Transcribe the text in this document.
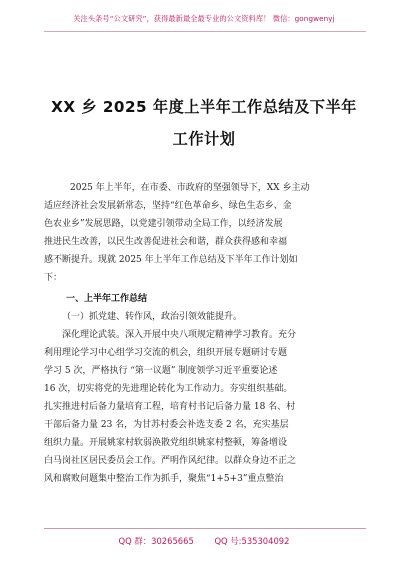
关注头条号“公文研究”，获得最新最全最专业的公文资料库！ 微信：gongwenyj
XX 乡 2025 年度上半年工作总结及下半年
工作计划
2025 年上半年，在市委、市政府的坚强领导下，XX 乡主动
适应经济社会发展新常态，坚持“红色革命乡、绿色生态乡、金
色农业乡”发展思路，以党建引领带动全局工作，以经济发展
推进民生改善，以民生改善促进社会和谐，群众获得感和幸福
感不断提升。现就 2025 年上半年工作总结及下半年工作计划如
下：
一、上半年工作总结
（一）抓党建、转作风，政治引领效能提升。
深化理论武装。深入开展中央八项规定精神学习教育。充分
利用理论学习中心组学习交流的机会，组织开展专题研讨专题
学习 5 次，严格执行 “第一议题” 制度领学习近平重要论述
16 次，切实将党的先进理论转化为工作动力。夯实组织基础。
扎实推进村后备力量培育工程，培育村书记后备力量 18 名、村
干部后备力量 23 名，为甘苏村委会补选支委 2 名，充实基层
组织力量。开展姚家村软弱涣散党组织姚家村整顿，筹备增设
白马岗社区居民委员会工作。严明作风纪律。以群众身边不正之
风和腐败问题集中整治工作为抓手，聚焦“1+5+3”重点整治
QQ 群：30265665 QQ 号:535304092
